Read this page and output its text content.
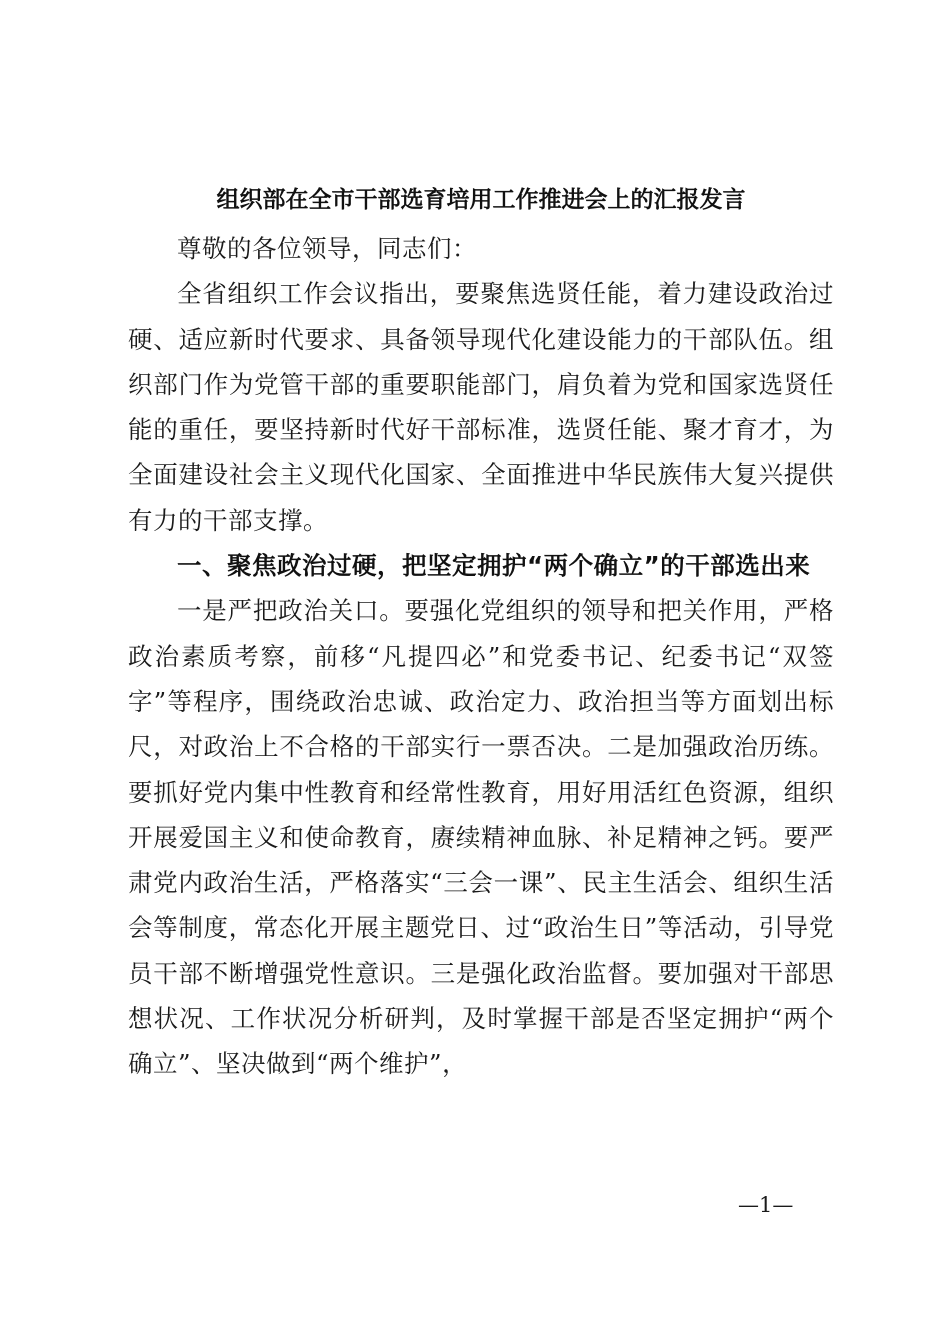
组织部在全市干部选育培用工作推进会上的汇报发言

尊敬的各位领导，同志们：

全省组织工作会议指出，要聚焦选贤任能，着力建设政治过硬、适应新时代要求、具备领导现代化建设能力的干部队伍。组织部门作为党管干部的重要职能部门，肩负着为党和国家选贤任能的重任，要坚持新时代好干部标准，选贤任能、聚才育才，为全面建设社会主义现代化国家、全面推进中华民族伟大复兴提供有力的干部支撑。

一、聚焦政治过硬，把坚定拥护“两个确立”的干部选出来

一是严把政治关口。要强化党组织的领导和把关作用，严格政治素质考察，前移“凡提四必”和党委书记、纪委书记“双签字”等程序，围绕政治忠诚、政治定力、政治担当等方面划出标尺，对政治上不合格的干部实行一票否决。二是加强政治历练。要抓好党内集中性教育和经常性教育，用好用活红色资源，组织开展爱国主义和使命教育，赓续精神血脉、补足精神之钙。要严肃党内政治生活，严格落实“三会一课”、民主生活会、组织生活会等制度，常态化开展主题党日、过“政治生日”等活动，引导党员干部不断增强党性意识。三是强化政治监督。要加强对干部思想状况、工作状况分析研判，及时掌握干部是否坚定拥护“两个确立”、坚决做到“两个维护”，

—1—
